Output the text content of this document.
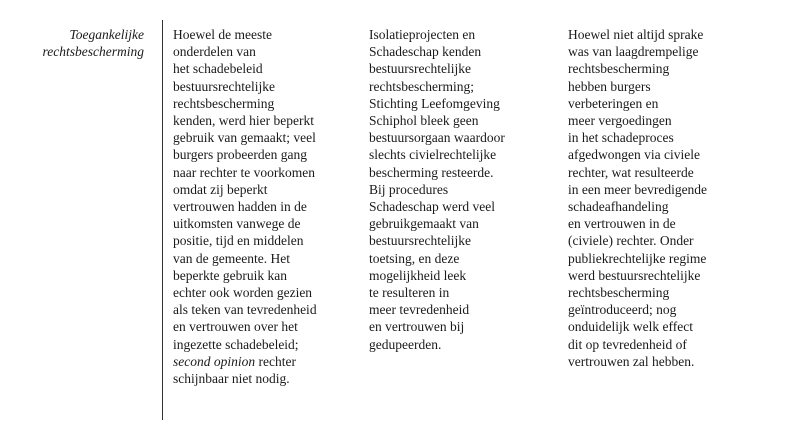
Toegankelijke
rechtsbescherming
Hoewel de meeste
onderdelen van
het schadebeleid
bestuursrechtelijke
rechtsbescherming
kenden, werd hier beperkt
gebruik van gemaakt; veel
burgers probeerden gang
naar rechter te voorkomen
omdat zij beperkt
vertrouwen hadden in de
uitkomsten vanwege de
positie, tijd en middelen
van de gemeente. Het
beperkte gebruik kan
echter ook worden gezien
als teken van tevredenheid
en vertrouwen over het
ingezette schadebeleid;
second opinion rechter
schijnbaar niet nodig.
Isolatieprojecten en
Schadeschap kenden
bestuursrechtelijke
rechtsbescherming;
Stichting Leefomgeving
Schiphol bleek geen
bestuursorgaan waardoor
slechts civielrechtelijke
bescherming resteerde.
Bij procedures
Schadeschap werd veel
gebruikgemaakt van
bestuursrechtelijke
toetsing, en deze
mogelijkheid leek
te resulteren in
meer tevredenheid
en vertrouwen bij
gedupeerden.
Hoewel niet altijd sprake
was van laagdrempelige
rechtsbescherming
hebben burgers
verbeteringen en
meer vergoedingen
in het schadeproces
afgedwongen via civiele
rechter, wat resulteerde
in een meer bevredigende
schadeafhandeling
en vertrouwen in de
(civiele) rechter. Onder
publiekrechtelijke regime
werd bestuursrechtelijke
rechtsbescherming
geïntroduceerd; nog
onduidelijk welk effect
dit op tevredenheid of
vertrouwen zal hebben.
